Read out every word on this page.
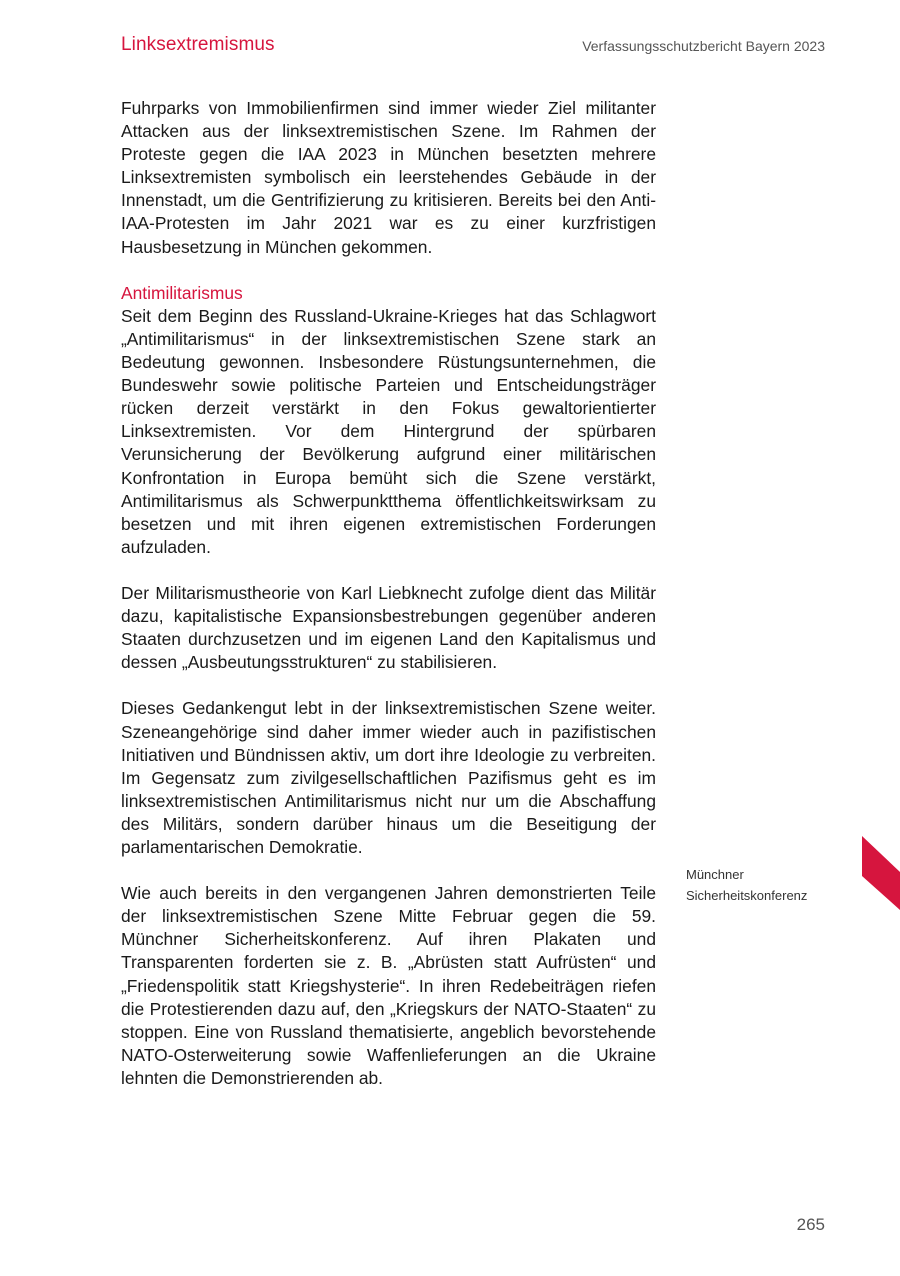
Linksextremismus	Verfassungsschutzbericht Bayern 2023

Fuhrparks von Immobilienfirmen sind immer wieder Ziel militanter Attacken aus der linksextremistischen Szene. Im Rahmen der Proteste gegen die IAA 2023 in München besetzten mehrere Linksextremisten symbolisch ein leerstehendes Gebäude in der Innenstadt, um die Gentrifizierung zu kritisieren. Bereits bei den Anti-IAA-Protesten im Jahr 2021 war es zu einer kurzfristigen Hausbesetzung in München gekommen.

Antimilitarismus

Seit dem Beginn des Russland-Ukraine-Krieges hat das Schlagwort „Antimilitarismus“ in der linksextremistischen Szene stark an Bedeutung gewonnen. Insbesondere Rüstungsunternehmen, die Bundeswehr sowie politische Parteien und Entscheidungsträger rücken derzeit verstärkt in den Fokus gewaltorientierter Linksextremisten. Vor dem Hintergrund der spürbaren Verunsicherung der Bevölkerung aufgrund einer militärischen Konfrontation in Europa bemüht sich die Szene verstärkt, Antimilitarismus als Schwerpunktthema öffentlichkeitswirksam zu besetzen und mit ihren eigenen extremistischen Forderungen aufzuladen.

Der Militarismustheorie von Karl Liebknecht zufolge dient das Militär dazu, kapitalistische Expansionsbestrebungen gegenüber anderen Staaten durchzusetzen und im eigenen Land den Kapitalismus und dessen „Ausbeutungsstrukturen“ zu stabilisieren.

Dieses Gedankengut lebt in der linksextremistischen Szene weiter. Szeneangehörige sind daher immer wieder auch in pazifistischen Initiativen und Bündnissen aktiv, um dort ihre Ideologie zu verbreiten. Im Gegensatz zum zivilgesellschaftlichen Pazifismus geht es im linksextremistischen Antimilitarismus nicht nur um die Abschaffung des Militärs, sondern darüber hinaus um die Beseitigung der parlamentarischen Demokratie.

Wie auch bereits in den vergangenen Jahren demonstrierten Teile der linksextremistischen Szene Mitte Februar gegen die 59. Münchner Sicherheitskonferenz. Auf ihren Plakaten und Transparenten forderten sie z. B. „Abrüsten statt Aufrüsten“ und „Friedenspolitik statt Kriegshysterie“. In ihren Redebeiträgen riefen die Protestierenden dazu auf, den „Kriegskurs der NATO-Staaten“ zu stoppen. Eine von Russland thematisierte, angeblich bevorstehende NATO-Osterweiterung sowie Waffenlieferungen an die Ukraine lehnten die Demonstrierenden ab.

Münchner
Sicherheitskonferenz
265
